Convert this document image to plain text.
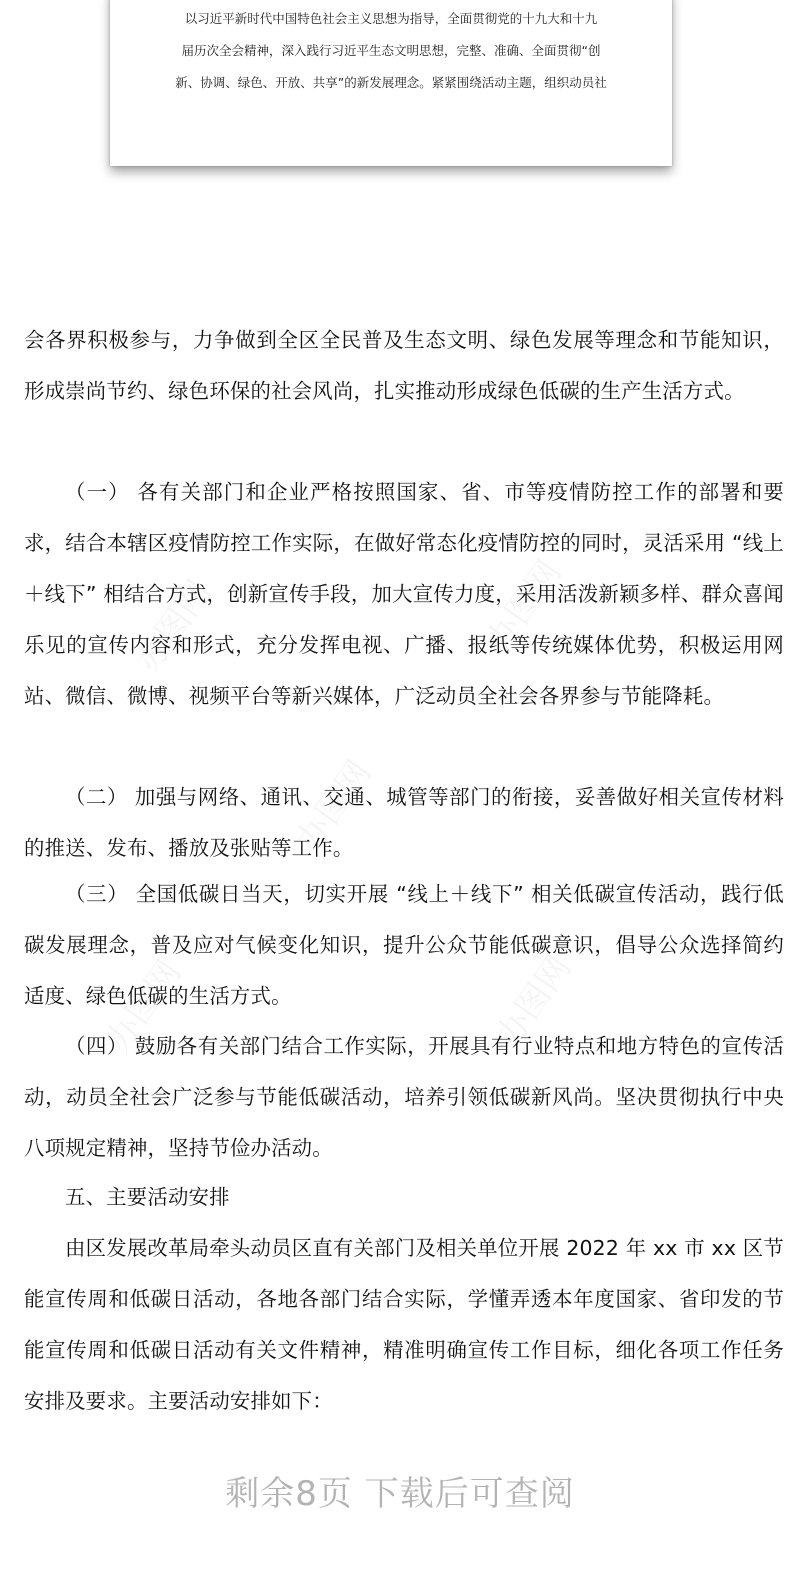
以习近平新时代中国特色社会主义思想为指导，全面贯彻党的十九大和十九
届历次全会精神，深入践行习近平生态文明思想，完整、准确、全面贯彻“创
新、协调、绿色、开放、共享”的新发展理念。紧紧围绕活动主题，组织动员社

会各界积极参与，力争做到全区全民普及生态文明、绿色发展等理念和节能知识，形成崇尚节约、绿色环保的社会风尚，扎实推动形成绿色低碳的生产生活方式。

（一） 各有关部门和企业严格按照国家、省、市等疫情防控工作的部署和要求，结合本辖区疫情防控工作实际，在做好常态化疫情防控的同时，灵活采用 “线上＋线下” 相结合方式，创新宣传手段，加大宣传力度，采用活泼新颖多样、群众喜闻乐见的宣传内容和形式，充分发挥电视、广播、报纸等传统媒体优势，积极运用网站、微信、微博、视频平台等新兴媒体，广泛动员全社会各界参与节能降耗。

（二） 加强与网络、通讯、交通、城管等部门的衔接，妥善做好相关宣传材料的推送、发布、播放及张贴等工作。

（三） 全国低碳日当天，切实开展 “线上＋线下” 相关低碳宣传活动，践行低碳发展理念，普及应对气候变化知识，提升公众节能低碳意识，倡导公众选择简约适度、绿色低碳的生活方式。

（四） 鼓励各有关部门结合工作实际，开展具有行业特点和地方特色的宣传活动，动员全社会广泛参与节能低碳活动，培养引领低碳新风尚。坚决贯彻执行中央八项规定精神，坚持节俭办活动。

五、主要活动安排

由区发展改革局牵头动员区直有关部门及相关单位开展 2022 年 xx 市 xx 区节能宣传周和低碳日活动，各地各部门结合实际，学懂弄透本年度国家、省印发的节能宣传周和低碳日活动有关文件精神，精准明确宣传工作目标，细化各项工作任务安排及要求。主要活动安排如下：

剩余8页 下载后可查阅
